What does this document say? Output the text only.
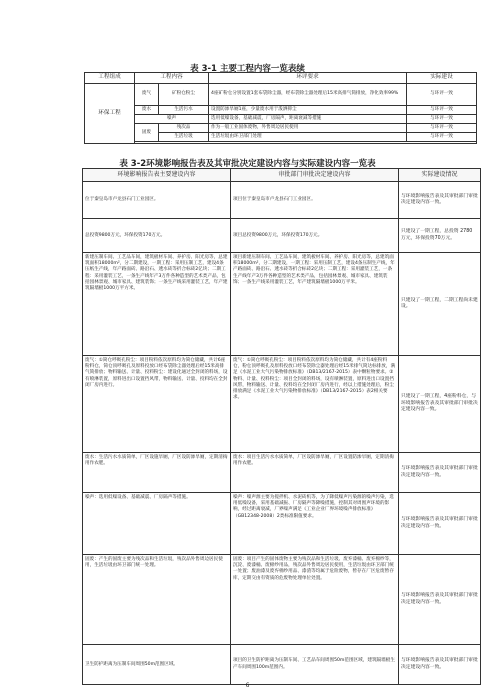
表 3-1 主要工程内容一览表续
工程组成	工程内容		环评要求	实际建设
环保工程	废气	矿粉仓粉尘	4座矿粉仓分别设置1套布袋除尘器，经布袋除尘器处理后15米高排气筒排放，净化效率99%	与环评一致
	废水	生活污水	设置防渗旱厕1座，少量废水用于泼洒抑尘	与环评一致
	噪声		选用低噪设备，基础减震，厂房隔声，距离衰减等措施	与环评一致
	固废	残次品	作为一般工业固体废物，外售周边居民使用	与环评一致
		生活垃圾	生活垃圾由环卫部门处理	与环评一致

表 3-2环境影响报告表及其审批决定建设内容与实际建设内容一览表
环境影响报告表主要建设内容	审批部门审批决定建设内容	实际建设情况
位于秦皇岛市卢龙县石门工业园区。	项目位于秦皇岛市卢龙县石门工业园区。	与环境影响报告表及其审批部门审批决定建设内容一致。
总投资9800万元，环保投资170万元。	项目总投资9800万元，环保投资170万元。	只建设了一期工程，总投资 2780 万元，环保投资70万元。
新建压制车间、工艺品车间，建筑板材车间、养护房、阳光房等，总建筑面积18000m²，分二期建设，一期工程：采用压制工艺，建设4条压纸生产线，年产路面砖、路沿石、透水砖等折合标砖2亿块；二期工程：采用灌装工艺，一条生产线年产3万件各种造型的艺术类产品，包括园林景观、城市家具、建筑装饰；一条生产线采用灌装工艺，年产建筑隔墙板1000万平方米。	项目新建压制车间、工艺品车间，建筑板材车间、养护房、阳光房等，总建筑面积18000m²，分二期建设，一期工程：采用压制工艺，建设4条压制生产线，年产路面砖、路沿石、透水砖等折合标砖2亿块；二期工程：采用灌装工艺，一条生产线年产3万件各种造型的艺术类产品，包括园林景观、城市家具、建筑装饰；一条生产线采用灌装工艺，年产建筑隔墙板1000万平米。	只建设了一期工程，二期工程尚未建设。
废气：①简仓呼吸孔粉尘：项目粉料依次原料均为简仓储藏，共计6座粉料仓，简仓顶呼吸孔及原料投放口经布袋除尘器处理后经15米高排气筒排放；物料输送、计量、投料粉尘：建设化通过全封闭的料场，设有喷淋装置，原料进出口设置挡风带，物料输送、计量、投料均在全封闭厂房内进行。	废气：①简仓呼吸孔粉尘：项目粉料依次原料均为简仓储藏，共计有4座粉料仓，粉仓顶呼吸孔及原料投放口经布袋除尘器处理后经15米排气筒达标排放，满足《水泥工业大气污染物排放标准》（DB13/2167-2015）表中颗粒物要求。②物料、计量、投料粉尘：项目全封闭的料场，设有喷淋装置，原料进出口设置挡风带，物料输送、计量、投料均在全封闭厂房内进行，经以上措施处理后，粉尘排放满足《水泥工业大气污染物排放标准》（DB13/2167-2015）表2相关要求。	只建设了一期工程，4座粉料仓，与环境影响报告表及其审批部门审批决定建设内容一致。
废水：生活污水水质简单，厂区设施旱厕，厂区设防渗旱厕，定期清掏用作农肥。	废水：项目生活污水水质简单，厂区设防渗旱厕，厂区设置防渗旱厕，定期清掏用作农肥。	与环境影响报告表及其审批部门审批决定建设内容一致。
噪声：选用低噪设备、基础减震、厂房隔声等措施。	噪声：噪声源主要为搅拌机、水泥砖机等，为了降低噪声污染源的噪声污染，选用低噪设备，采用基础减振、厂房隔声等降噪措施，控制其对周围声环境的影响，经过距离衰减，厂界噪声满足《工业企业厂界环境噪声排放标准》（GB12348-2008）2类标准限值要求。	与环境影响报告表及其审批部门审批决定建设内容一致。
固废：产生的固废主要为残次品和生活垃圾，残次品外售周边居民使用，生活垃圾由环卫部门统一处理。	固废：项目产生的固体废物主要为残次品和生活垃圾、废弃漆桶、废弃棉纱等，沉淀、废漆桶、废棉纱用品，残次品外售周边居民使用，生活垃圾由环卫部门统一处置；废油漆及废弃棉纱用品、漆渣等均属于危险废物，暂存在厂区危废暂存库，定期交由有资质的危废物处理单位处置。	与环境影响报告表及其审批部门审批决定建设内容一致。
卫生防护距离为压制车间周围50m范围区域。	项目的卫生防护距离为压制车间、工艺品车间周围50m范围区域，建筑隔墙板生产车间周围100m范围内。	与环境影响报告表及其审批部门审批决定建设内容一致。
6
